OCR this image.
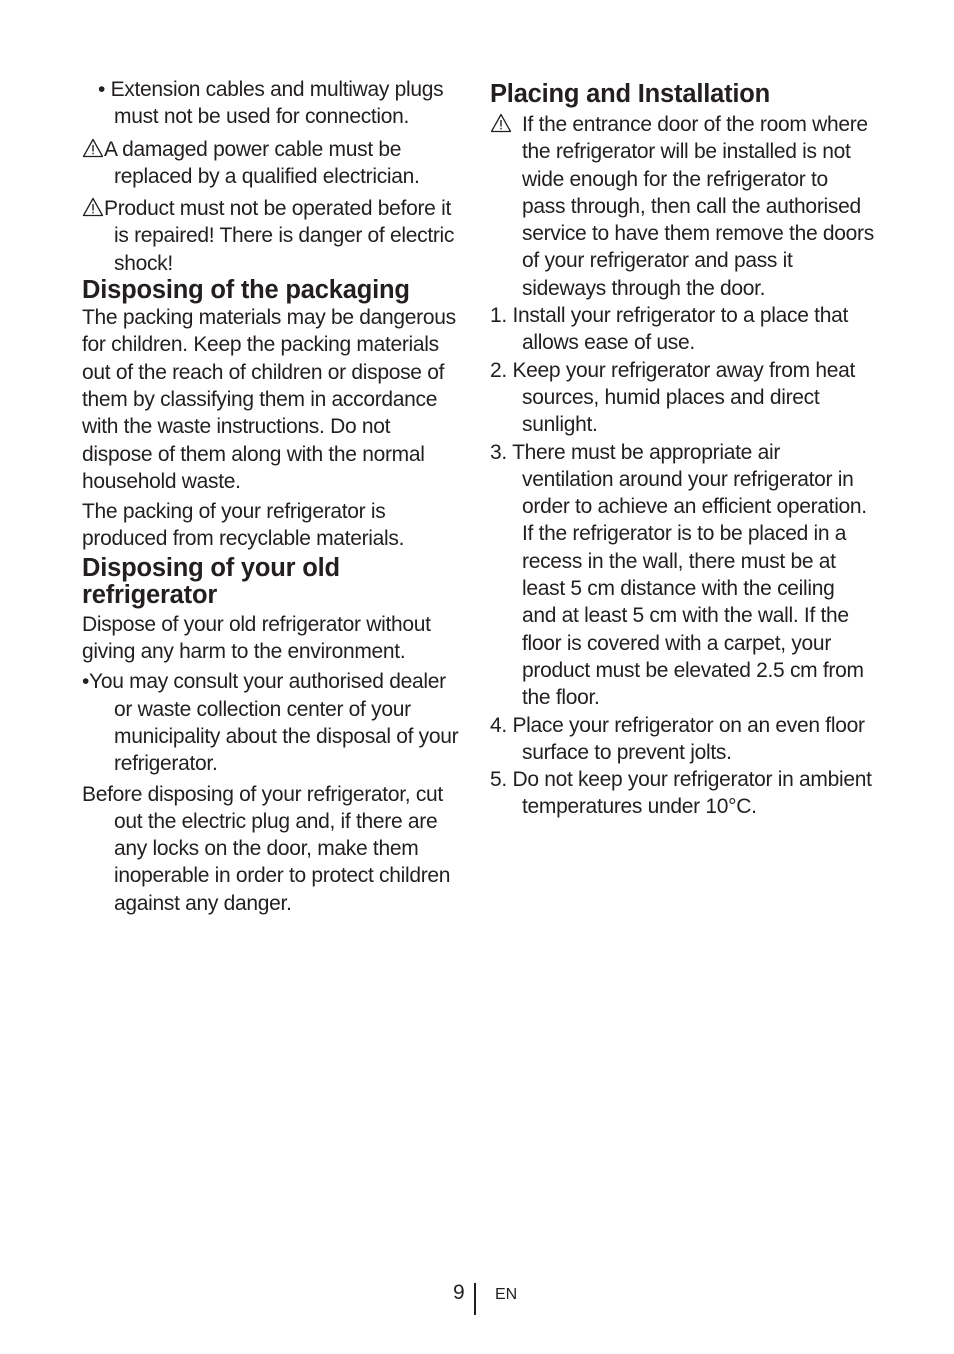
• Extension cables and multiway plugs must not be used for connection.

A damaged power cable must be replaced by a qualified electrician.

Product must not be operated before it is repaired! There is danger of electric shock!

Disposing of the packaging

The packing materials may be dangerous for children. Keep the packing materials out of the reach of children or dispose of them by classifying them in accordance with the waste instructions. Do not dispose of them along with the normal household waste.

The packing of your refrigerator is produced from recyclable materials.

Disposing of your old refrigerator

Dispose of your old refrigerator without giving any harm to the environment.

•You may consult your authorised dealer or waste collection center of your municipality about the disposal of your refrigerator.

Before disposing of your refrigerator, cut out the electric plug and, if there are any locks on the door, make them inoperable in order to protect children against any danger.

Placing and Installation

If the entrance door of the room where the refrigerator will be installed is not wide enough for the refrigerator to pass through, then call the authorised service to have them remove the doors of your refrigerator and pass it sideways through the door.

1. Install your refrigerator to a place that allows ease of use.

2. Keep your refrigerator away from heat sources, humid places and direct sunlight.

3. There must be appropriate air ventilation around your refrigerator in order to achieve an efficient operation. If the refrigerator is to be placed in a recess in the wall, there must be at least 5 cm distance with the ceiling and at least 5 cm with the wall. If the floor is covered with a carpet, your product must be elevated 2.5 cm from the floor.

4. Place your refrigerator on an even floor surface to prevent jolts.

5. Do not keep your refrigerator in ambient temperatures under 10°C.

9 EN
